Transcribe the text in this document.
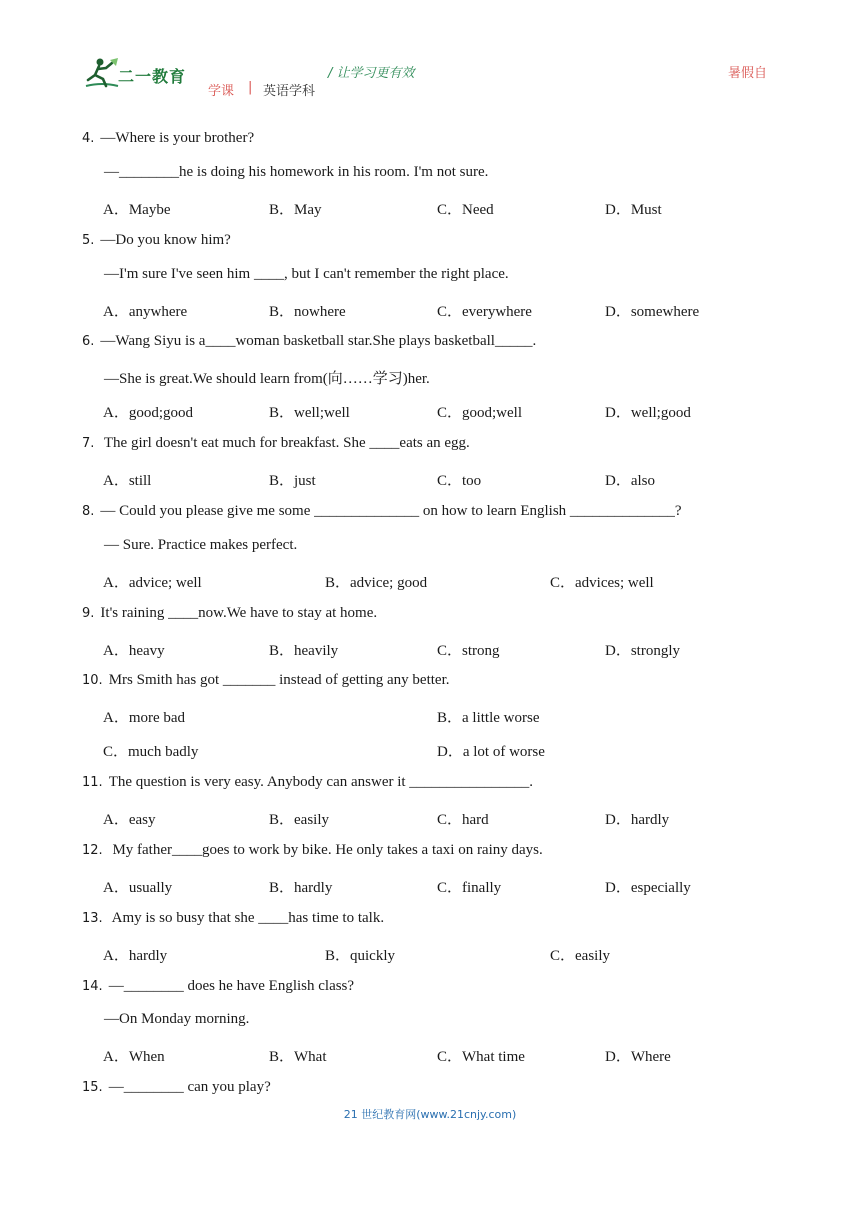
二一教育
学课 | 英语学科
/ 让学习更有效	暑假自
4. —Where is your brother?
—________he is doing his homework in his room. I'm not sure.
A．Maybe	B．May	C．Need	D．Must
5. —Do you know him?
—I'm sure I've seen him ____, but I can't remember the right place.
A．anywhere	B．nowhere	C．everywhere	D．somewhere
6. —Wang Siyu is a____woman basketball star.She plays basketball_____.
—She is great.We should learn from(向……学习)her.
A．good;good	B．well;well	C．good;well	D．well;good
7. The girl doesn't eat much for breakfast. She ____eats an egg.
A．still	B．just	C．too	D．also
8. — Could you please give me some ______________ on how to learn English ______________?
— Sure. Practice makes perfect.
A．advice; well	B．advice; good	C．advices; well
9. It's raining ____now.We have to stay at home.
A．heavy	B．heavily	C．strong	D．strongly
10. Mrs Smith has got _______ instead of getting any better.
A．more bad	B．a little worse
C．much badly	D．a lot of worse
11. The question is very easy. Anybody can answer it ________________.
A．easy	B．easily	C．hard	D．hardly
12. My father____goes to work by bike. He only takes a taxi on rainy days.
A．usually	B．hardly	C．finally	D．especially
13. Amy is so busy that she ____has time to talk.
A．hardly	B．quickly	C．easily
14. —________ does he have English class?
—On Monday morning.
A．When	B．What	C．What time	D．Where
15. —________ can you play?
21 世纪教育网(www.21cnjy.com)
